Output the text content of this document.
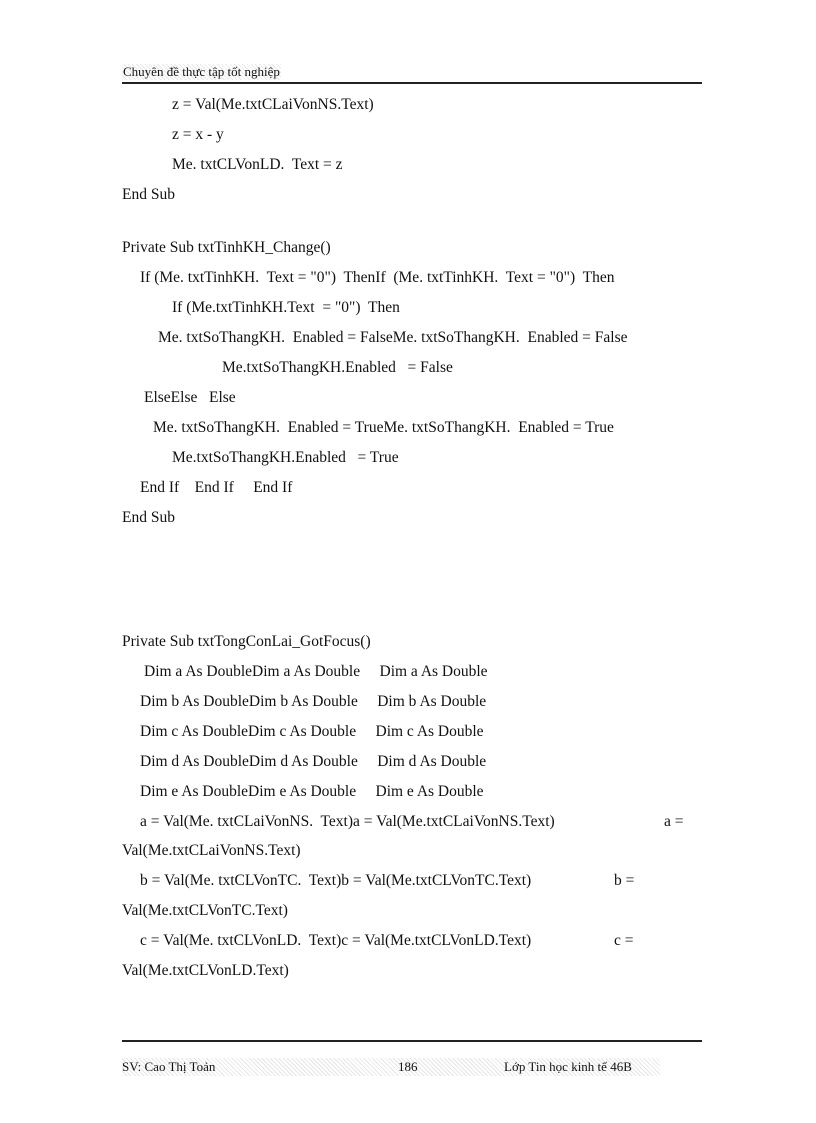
Chuyên đề thực tập tốt nghiệp
z = Val(Me.txtCLaiVonNS.Text)
z = x - y
Me. txtCLVonLD.  Text = z
End Sub
Private Sub txtTinhKH_Change()
If (Me. txtTinhKH.  Text = "0")  ThenIf  (Me. txtTinhKH.  Text = "0")  Then
If (Me.txtTinhKH.Text  = "0")  Then
Me. txtSoThangKH.  Enabled = FalseMe. txtSoThangKH.  Enabled = False
Me.txtSoThangKH.Enabled   = False
ElseElse   Else
Me. txtSoThangKH.  Enabled = TrueMe. txtSoThangKH.  Enabled = True
Me.txtSoThangKH.Enabled   = True
End If    End If     End If
End Sub
Private Sub txtTongConLai_GotFocus()
Dim a As DoubleDim a As Double     Dim a As Double
Dim b As DoubleDim b As Double     Dim b As Double
Dim c As DoubleDim c As Double     Dim c As Double
Dim d As DoubleDim d As Double     Dim d As Double
Dim e As DoubleDim e As Double     Dim e As Double
a = Val(Me. txtCLaiVonNS.  Text)a = Val(Me.txtCLaiVonNS.Text)	a =
Val(Me.txtCLaiVonNS.Text)
b = Val(Me. txtCLVonTC.  Text)b = Val(Me.txtCLVonTC.Text)	b =
Val(Me.txtCLVonTC.Text)
c = Val(Me. txtCLVonLD.  Text)c = Val(Me.txtCLVonLD.Text)	c =
Val(Me.txtCLVonLD.Text)
SV: Cao Thị Toản	186	Lớp Tin học kinh tế 46B
